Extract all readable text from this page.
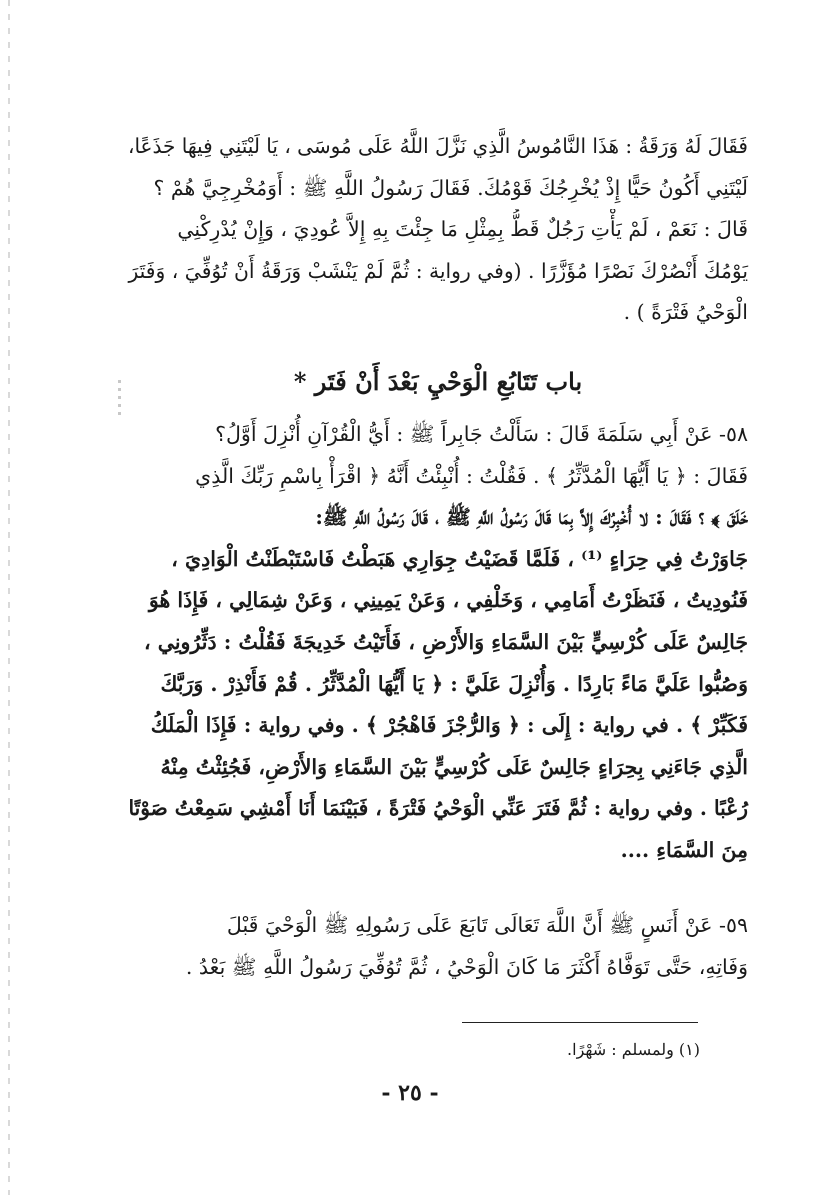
فَقَالَ لَهُ وَرَقَةُ : هَذَا النَّامُوسُ الَّذِي نَزَّلَ اللَّهُ عَلَى مُوسَى ، يَا لَيْتَنِي فِيهَا جَذَعًا،
لَيْتَنِي أَكُونُ حَيًّا إِذْ يُخْرِجُكَ قَوْمُكَ. فَقَالَ رَسُولُ اللَّهِ ﷺ : أَوَمُخْرِجِيَّ هُمْ ؟
قَالَ : نَعَمْ ، لَمْ يَأْتِ رَجُلٌ قَطُّ بِمِثْلِ مَا جِئْتَ بِهِ إِلاَّ عُودِيَ ، وَإِنْ يُدْرِكْنِي
يَوْمُكَ أَنْصُرْكَ نَصْرًا مُؤَزَّرًا . (وفي رواية : ثُمَّ لَمْ يَنْشَبْ وَرَقَةُ أَنْ تُوُفِّيَ ، وَفَتَرَ
الْوَحْيُ فَتْرَةً ) .
باب تَتَابُعِ الْوَحْيِ بَعْدَ أَنْ فَتَر *
٥٨- عَنْ أَبِي سَلَمَةَ قَالَ : سَأَلْتُ جَابِراً ﷺ : أَيُّ الْقُرْآنِ أُنْزِلَ أَوَّلُ؟
فَقَالَ : ﴿ يَا أَيُّهَا الْمُدَّثِّرُ ﴾ . فَقُلْتُ : أُنْبِئْتُ أَنَّهُ ﴿ اقْرَأْ بِاسْمِ رَبِّكَ الَّذِي
خَلَقَ ﴾ ؟ فَقَالَ : لا أُخْبِرُكَ إِلاَّ بِمَا قَالَ رَسُولُ اللَّهِ ﷺ ، قَالَ رَسُولُ اللَّهِ ﷺ:
جَاوَرْتُ فِي حِرَاءٍ ⁽¹⁾ ، فَلَمَّا قَضَيْتُ جِوَارِي هَبَطْتُ فَاسْتَبْطَنْتُ الْوَادِيَ ،
فَنُودِيتُ ، فَنَظَرْتُ أَمَامِي ، وَخَلْفِي ، وَعَنْ يَمِينِي ، وَعَنْ شِمَالِي ، فَإِذَا هُوَ
جَالِسٌ عَلَى كُرْسِيٍّ بَيْنَ السَّمَاءِ وَالأَرْضِ ، فَأَتَيْتُ خَدِيجَةَ فَقُلْتُ : دَثِّرُونِي ،
وَصُبُّوا عَلَيَّ مَاءً بَارِدًا . وَأُنْزِلَ عَلَيَّ : ﴿ يَا أَيُّهَا الْمُدَّثِّرُ . قُمْ فَأَنْذِرْ . وَرَبَّكَ
فَكَبِّرْ ﴾ . في رواية : إِلَى : ﴿ وَالرُّجْزَ فَاهْجُرْ ﴾ . وفي رواية : فَإِذَا الْمَلَكُ
الَّذِي جَاءَنِي بِحِرَاءٍ جَالِسٌ عَلَى كُرْسِيٍّ بَيْنَ السَّمَاءِ وَالأَرْضِ، فَجُئِثْتُ مِنْهُ
رُعْبًا . وفي رواية : ثُمَّ فَتَرَ عَنِّي الْوَحْيُ فَتْرَةً ، فَبَيْنَمَا أَنَا أَمْشِي سَمِعْتُ صَوْتًا
مِنَ السَّمَاءِ ....
٥٩- عَنْ أَنَسٍ ﷺ أَنَّ اللَّهَ تَعَالَى تَابَعَ عَلَى رَسُولِهِ ﷺ الْوَحْيَ قَبْلَ
وَفَاتِهِ، حَتَّى تَوَفَّاهُ أَكْثَرَ مَا كَانَ الْوَحْيُ ، ثُمَّ تُوُفِّيَ رَسُولُ اللَّهِ ﷺ بَعْدُ .
(١) ولمسلم : شَهْرًا.
- ٢٥ -
